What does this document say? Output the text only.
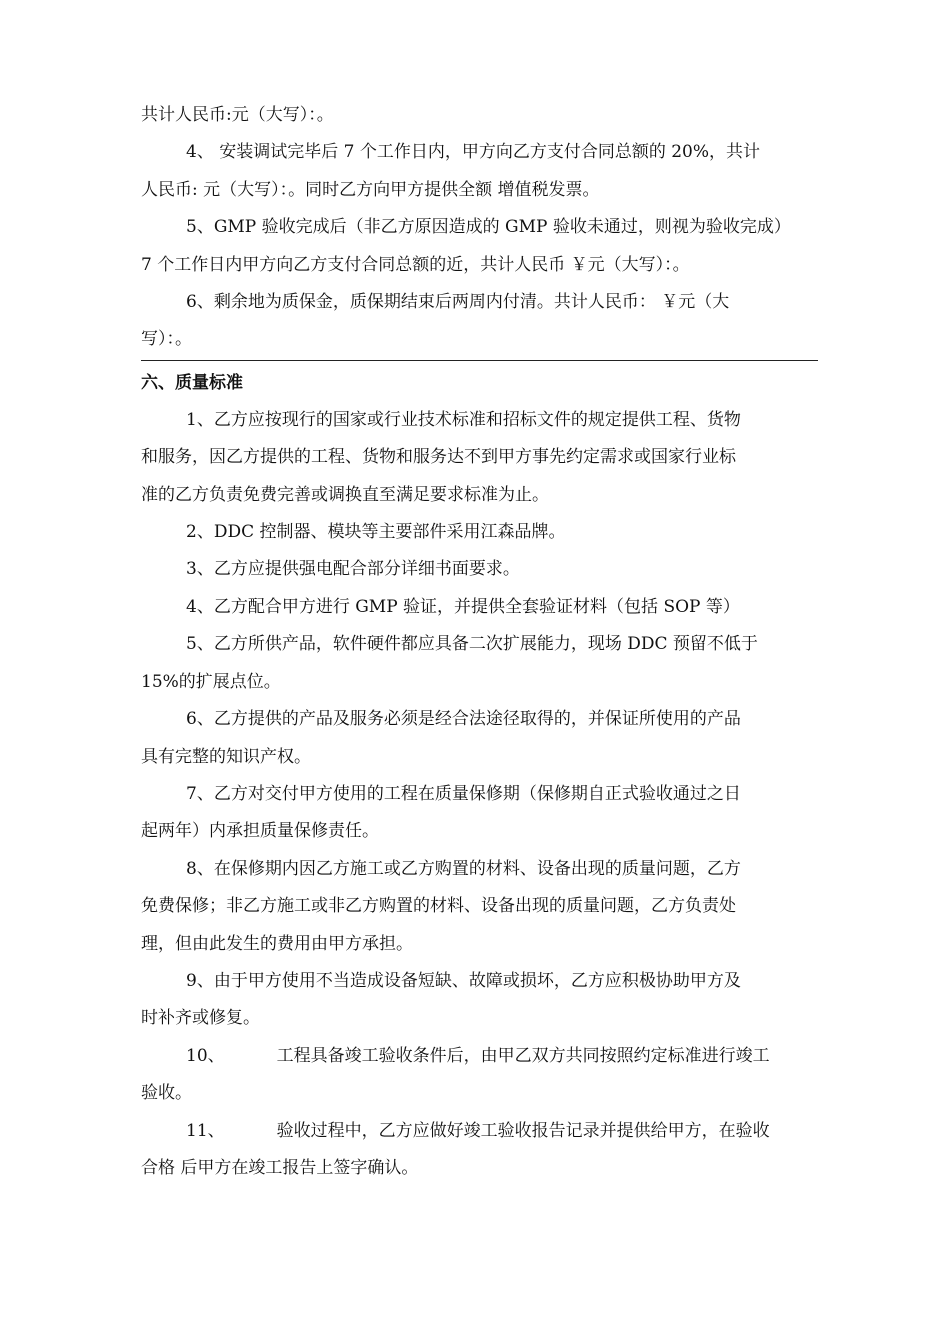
共计人民币:元（大写）：。

4、 安装调试完毕后 7 个工作日内，甲方向乙方支付合同总额的 20%，共计

人民币: 元（大写）：。同时乙方向甲方提供全额 增值税发票。

5、GMP 验收完成后（非乙方原因造成的 GMP 验收未通过，则视为验收完成）

7 个工作日内甲方向乙方支付合同总额的近，共计人民币 ￥元（大写）：。

6、剩余地为质保金，质保期结束后两周内付清。共计人民币： ￥元（大

写）：。

六、质量标准

1、乙方应按现行的国家或行业技术标准和招标文件的规定提供工程、货物

和服务，因乙方提供的工程、货物和服务达不到甲方事先约定需求或国家行业标

准的乙方负责免费完善或调换直至满足要求标准为止。

2、DDC 控制器、模块等主要部件采用江森品牌。

3、乙方应提供强电配合部分详细书面要求。

4、乙方配合甲方进行 GMP 验证，并提供全套验证材料（包括 SOP 等）

5、乙方所供产品，软件硬件都应具备二次扩展能力，现场 DDC 预留不低于

15%的扩展点位。

6、乙方提供的产品及服务必须是经合法途径取得的，并保证所使用的产品

具有完整的知识产权。

7、乙方对交付甲方使用的工程在质量保修期（保修期自正式验收通过之日

起两年）内承担质量保修责任。

8、在保修期内因乙方施工或乙方购置的材料、设备出现的质量问题，乙方

免费保修；非乙方施工或非乙方购置的材料、设备出现的质量问题，乙方负责处

理，但由此发生的费用由甲方承担。

9、由于甲方使用不当造成设备短缺、故障或损坏，乙方应积极协助甲方及

时补齐或修复。

10、	工程具备竣工验收条件后，由甲乙双方共同按照约定标准进行竣工

验收。

11、	验收过程中，乙方应做好竣工验收报告记录并提供给甲方，在验收

合格 后甲方在竣工报告上签字确认。
